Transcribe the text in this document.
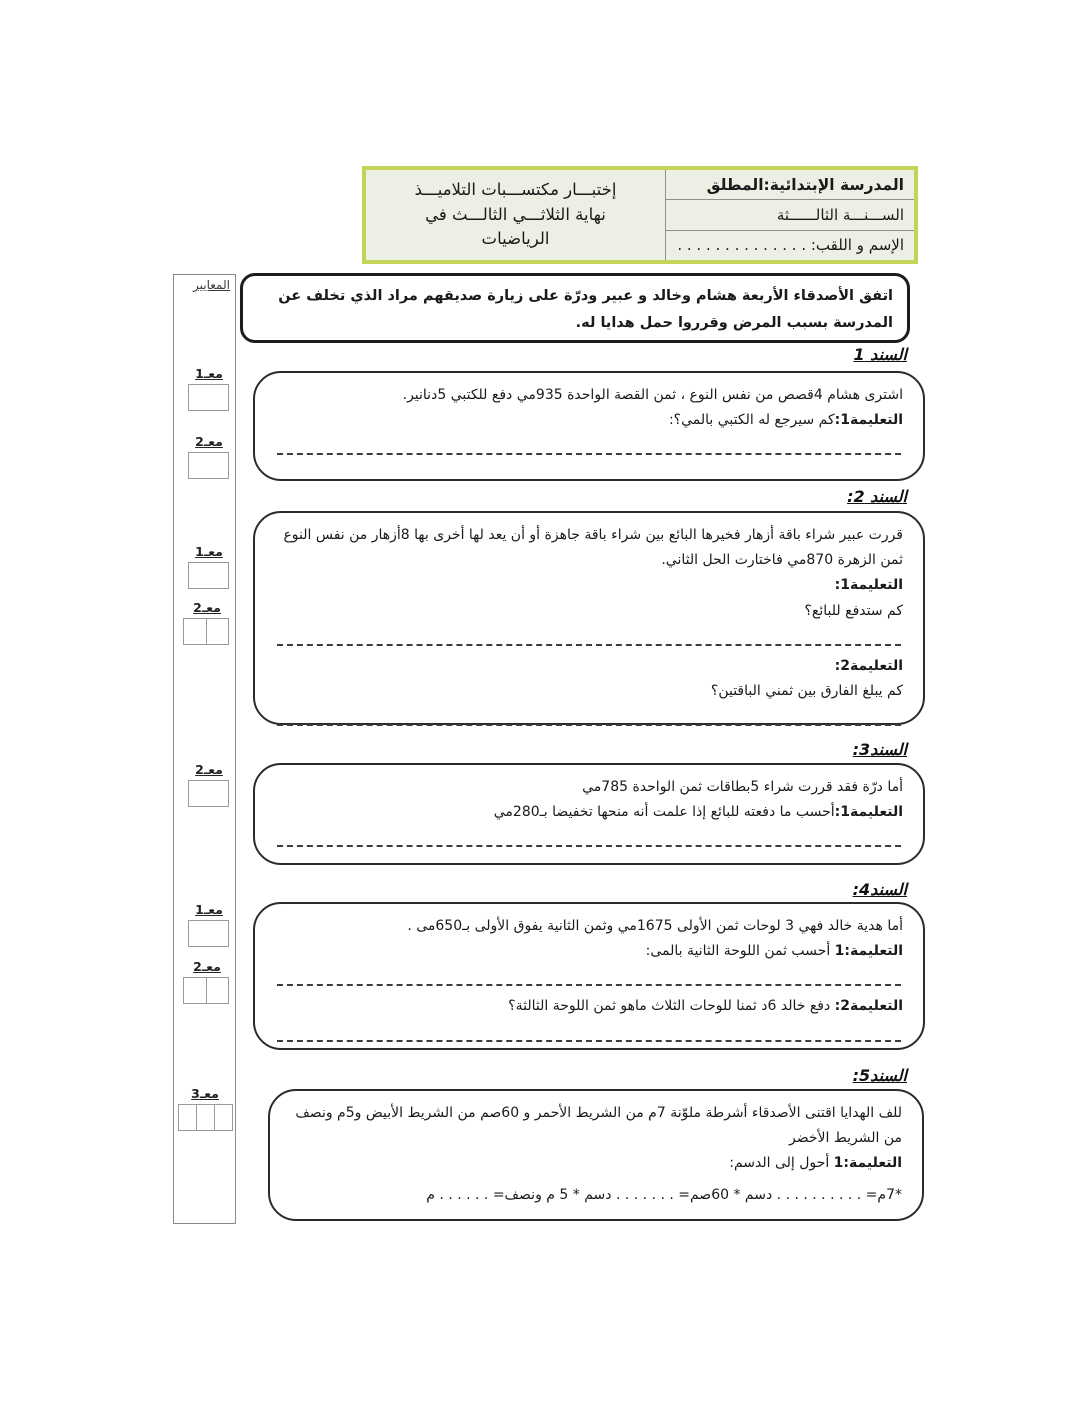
المدرسة الإبتدائية:المطلق
الســـنـــة الثالــــــثة
الإسم و اللقب: . . . . . . . . . . . . . .
إختبـــار مكتســـبات التلاميـــذ
نهاية الثلاثـــي الثالـــث في
الرياضيات
اتفق الأصدقاء الأربعة هشام وخالد و عبير ودرّة على زيارة صديقهم مراد الذي تخلف عن المدرسة بسبب المرض وقرروا حمل هدايا له.
المعايير
معـ1
معـ2
معـ1
معـ2
معـ2
معـ1
معـ2
معـ3
السند 1
اشترى هشام 4قصص من نفس النوع ، ثمن القصة الواحدة 935مي دفع للكتبي 5دنانير.
التعليمة1:كم سيرجع له الكتبي بالمي؟:
السند 2:
قررت عبير شراء باقة أزهار فخيرها البائع بين شراء باقة جاهزة أو أن يعد لها أخرى بها 8أزهار من نفس النوع ثمن الزهرة 870مي فاختارت الحل الثاني.
التعليمة1:
كم ستدفع للبائع؟
التعليمة2:
كم يبلغ الفارق بين ثمني الباقتين؟
السند3:
أما درّة فقد قررت شراء 5بطاقات ثمن الواحدة 785مي
التعليمة1:أحسب ما دفعته للبائع إذا علمت أنه منحها تخفيضا بـ280مي
السند4:
أما هدية خالد فهي 3 لوحات ثمن الأولى 1675مي وثمن الثانية يفوق الأولى بـ650مى .
التعليمة:1 أحسب ثمن اللوحة الثانية بالمى:
التعليمة2: دفع خالد 6د ثمنا للوحات الثلاث ماهو ثمن اللوحة الثالثة؟
السند5:
للف الهدايا اقتنى الأصدقاء أشرطة ملوّنة 7م من الشريط الأحمر و 60صم من الشريط الأبيض و5م ونصف من الشريط الأخضر
التعليمة:1 أحول إلى الدسم:
*7م= . . . . . . . . . . دسم * 60صم= . . . . . . . دسم * 5 م ونصف= . . . . . . م
